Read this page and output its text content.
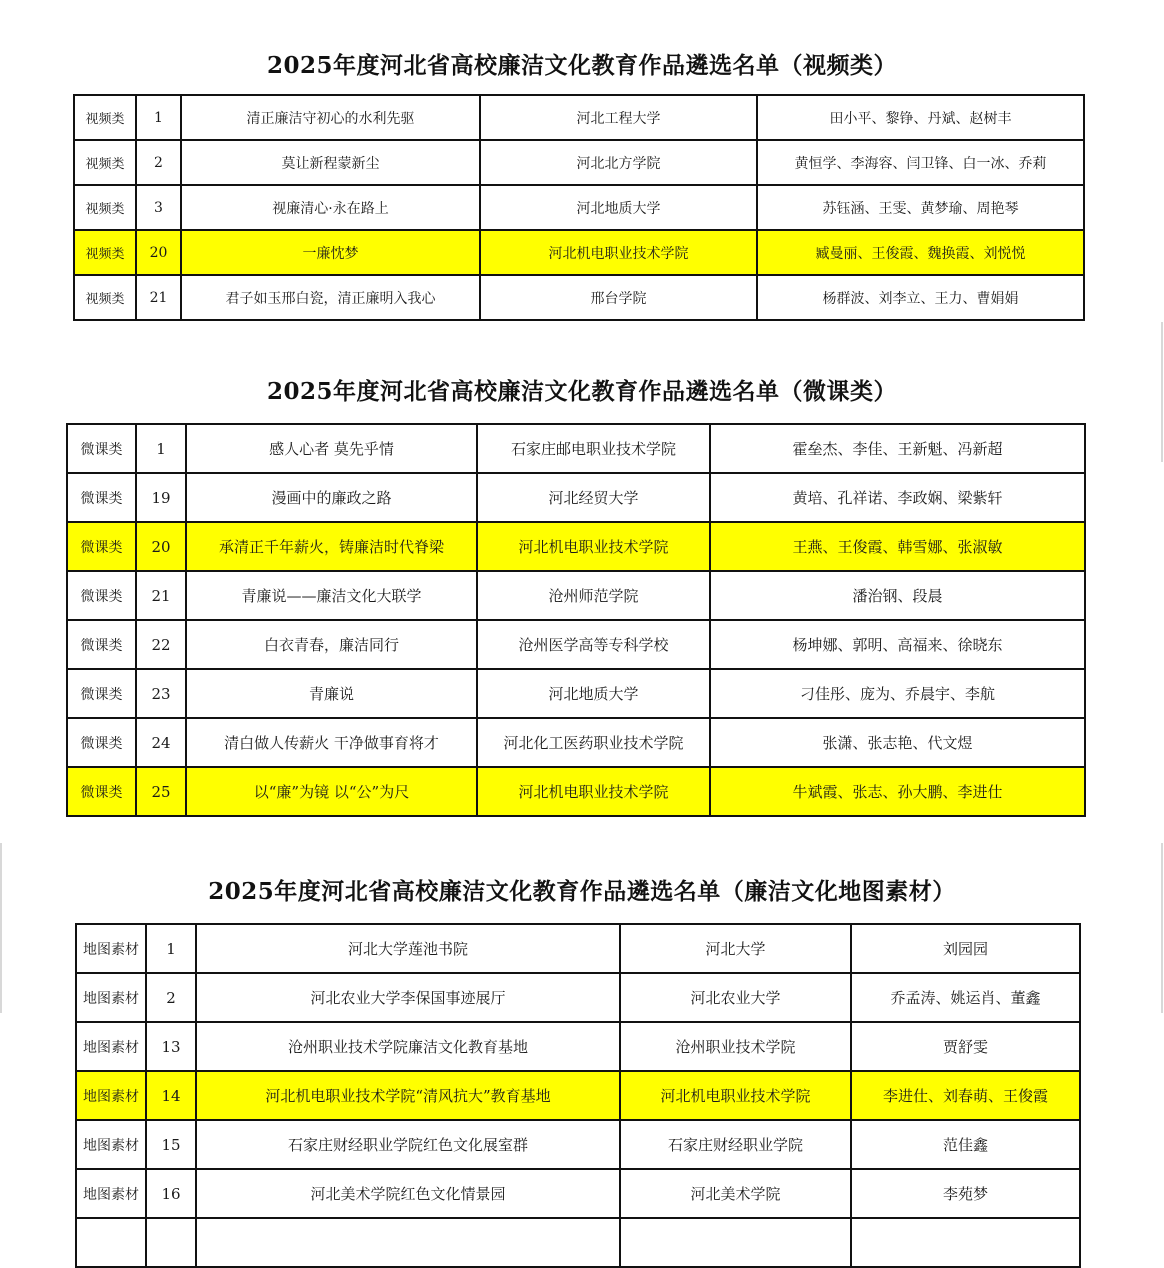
2025年度河北省高校廉洁文化教育作品遴选名单（视频类）
视频类	1	清正廉洁守初心的水利先驱	河北工程大学	田小平、黎铮、丹斌、赵树丰
视频类	2	莫让新程蒙新尘	河北北方学院	黄恒学、李海容、闫卫锋、白一冰、乔莉
视频类	3	视廉清心·永在路上	河北地质大学	苏钰涵、王雯、黄梦瑜、周艳琴
视频类	20	一廉忱梦	河北机电职业技术学院	臧曼丽、王俊霞、魏换霞、刘悦悦
视频类	21	君子如玉邢白瓷，清正廉明入我心	邢台学院	杨群波、刘李立、王力、曹娟娟
2025年度河北省高校廉洁文化教育作品遴选名单（微课类）
微课类	1	感人心者 莫先乎情	石家庄邮电职业技术学院	霍垒杰、李佳、王新魁、冯新超
微课类	19	漫画中的廉政之路	河北经贸大学	黄培、孔祥诺、李政娴、梁紫轩
微课类	20	承清正千年薪火，铸廉洁时代脊梁	河北机电职业技术学院	王燕、王俊霞、韩雪娜、张淑敏
微课类	21	青廉说——廉洁文化大联学	沧州师范学院	潘治钢、段晨
微课类	22	白衣青春，廉洁同行	沧州医学高等专科学校	杨坤娜、郭明、高福来、徐晓东
微课类	23	青廉说	河北地质大学	刁佳彤、庞为、乔晨宇、李航
微课类	24	清白做人传薪火 干净做事育将才	河北化工医药职业技术学院	张潇、张志艳、代文煜
微课类	25	以“廉”为镜 以“公”为尺	河北机电职业技术学院	牛斌霞、张志、孙大鹏、李进仕
2025年度河北省高校廉洁文化教育作品遴选名单（廉洁文化地图素材）
地图素材	1	河北大学莲池书院	河北大学	刘园园
地图素材	2	河北农业大学李保国事迹展厅	河北农业大学	乔孟涛、姚运肖、董鑫
地图素材	13	沧州职业技术学院廉洁文化教育基地	沧州职业技术学院	贾舒雯
地图素材	14	河北机电职业技术学院“清风抗大”教育基地	河北机电职业技术学院	李进仕、刘春萌、王俊霞
地图素材	15	石家庄财经职业学院红色文化展室群	石家庄财经职业学院	范佳鑫
地图素材	16	河北美术学院红色文化情景园	河北美术学院	李苑梦
